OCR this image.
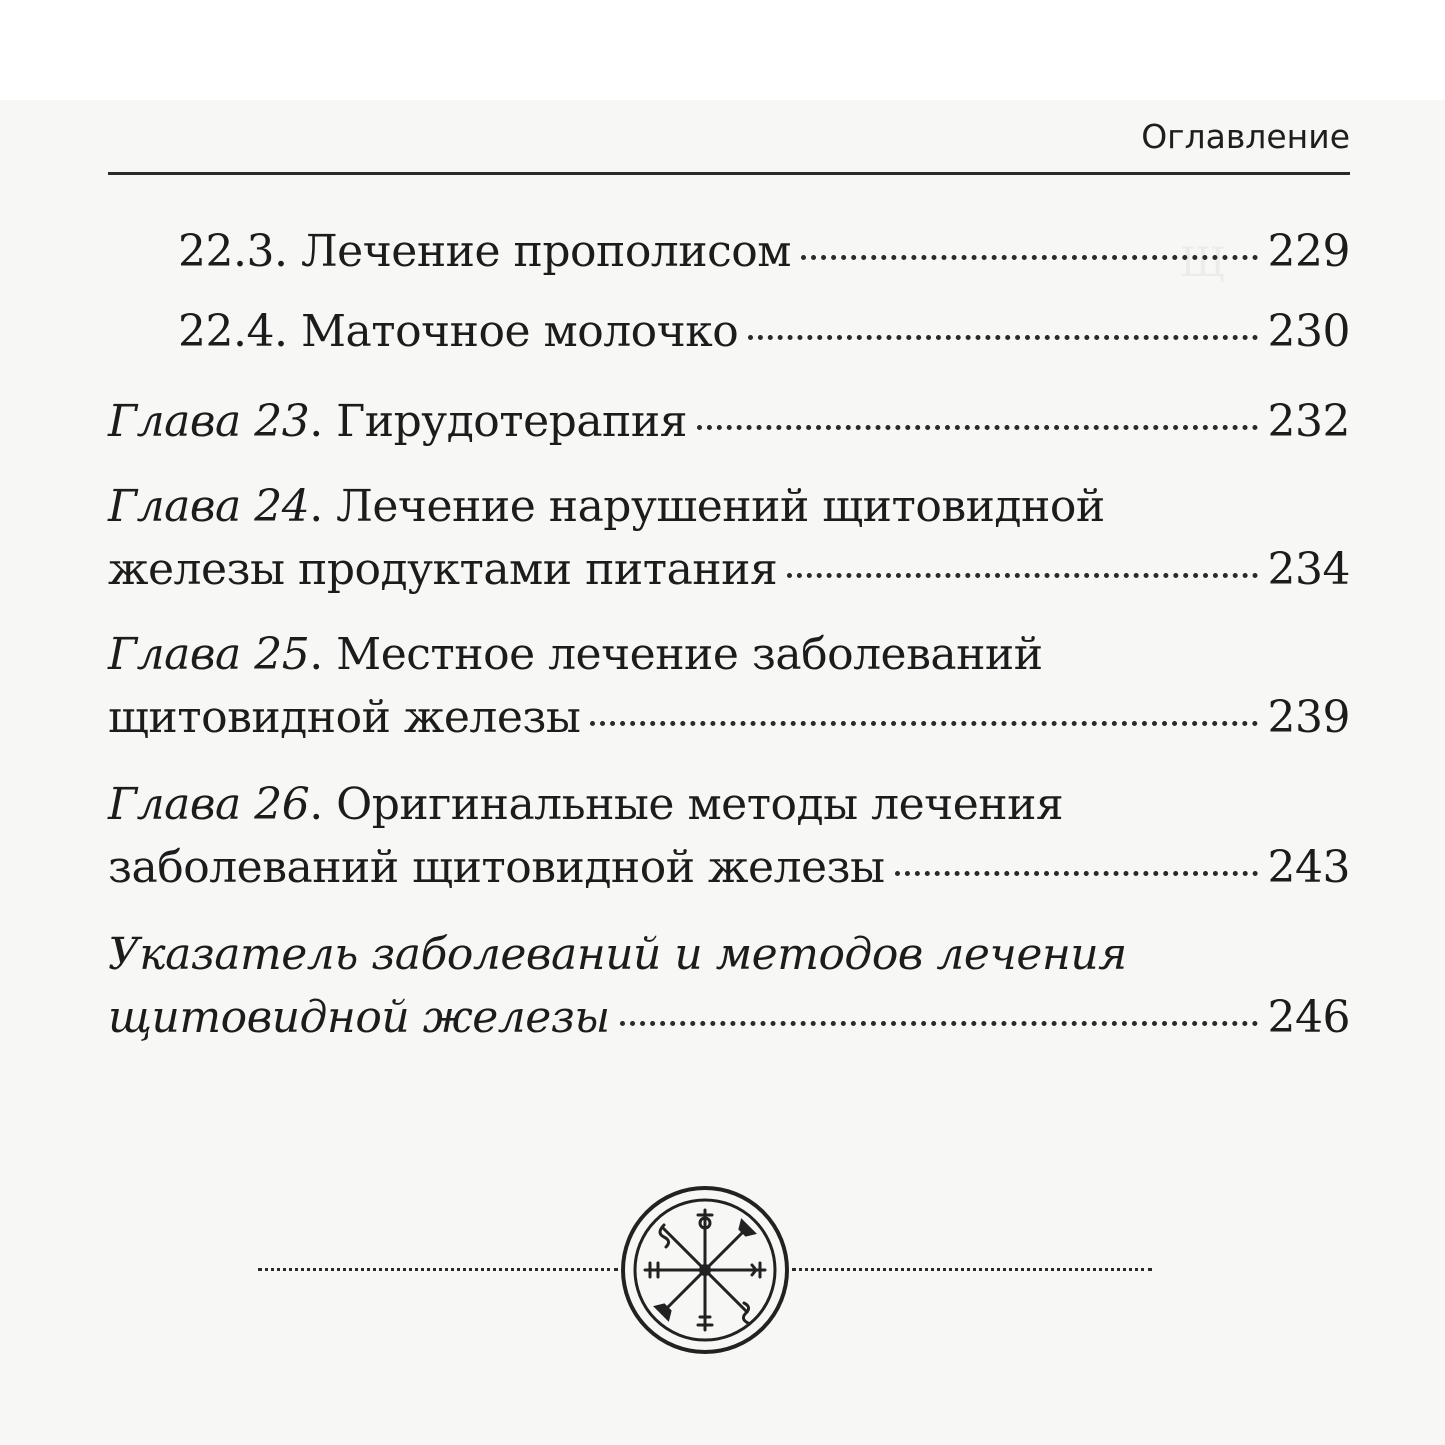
Щ
Оглавление
22.3. Лечение прополисом	229
22.4. Маточное молочко	230
Глава 23. Гирудотерапия	232
Глава 24. Лечение нарушений щитовидной
железы продуктами питания	234
Глава 25. Местное лечение заболеваний
щитовидной железы	239
Глава 26. Оригинальные методы лечения
заболеваний щитовидной железы	243
Указатель заболеваний и методов лечения
щитовидной железы	246
